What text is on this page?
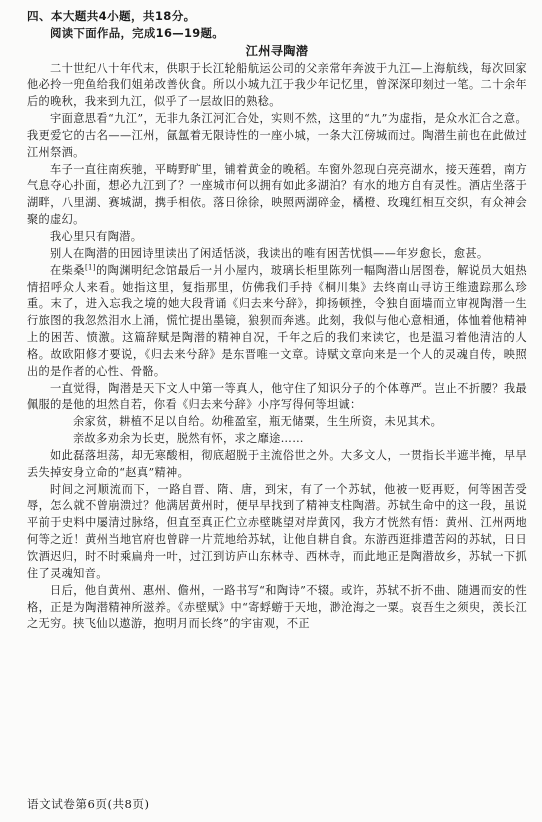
四、本大题共4小题，共18分。

阅读下面作品，完成16—19题。

江州寻陶潜

二十世纪八十年代末，供职于长江轮船航运公司的父亲常年奔波于九江—上海航线，每次回家他必拎一兜鱼给我们姐弟改善伙食。所以小城九江于我少年记忆里，曾深深印刻过一笔。二十余年后的晚秋，我来到九江，似乎了一层故旧的熟稔。

宇面意思看“九江”，无非九条江河汇合处，实则不然，这里的“九”为虚指，是众水汇合之意。我更爱它的古名——江州，氤氲着无限诗性的一座小城，一条大江傍城而过。陶潜生前也在此做过江州祭酒。

车子一直往南疾驰，平畴野旷里，铺着黄金的晚稻。车窗外忽现白亮亮湖水，接天莲碧，南方气息夺心扑面，想必九江到了？一座城市何以拥有如此多湖泊？有水的地方自有灵性。酒店坐落于湖畔，八里湖、赛城湖，携手相依。落日徐徐，映照两湖碎金，橘橙、玫瑰红相互交织，有众神会聚的虚幻。

我心里只有陶潜。

别人在陶潜的田园诗里读出了闲适恬淡，我读出的唯有困苦忧惧——年岁愈长，愈甚。

在柴桑[1]的陶渊明纪念馆最后一爿小屋内，玻璃长柜里陈列一幅陶潜山居图卷，解说员大姐热情招呼众人来看。她指这里，复指那里，仿佛我们手持《桐川集》去终南山寻访王维遗踪那么珍重。末了，进入忘我之境的她大段背诵《归去来兮辞》，抑扬顿挫，令独自面墙而立审视陶潜一生行旅图的我忽然泪水上涌，慌忙提出墨镜，狼狈而奔逃。此刻，我似与他心意相通，体恤着他精神上的困苦、愤激。这篇辞赋是陶潜的精神自况，千年之后的我们来读它，也是温习着他清洁的人格。故欧阳修才要说，《归去来兮辞》是东晋唯一文章。诗赋文章向来是一个人的灵魂自传，映照出的是作者的心性、骨骼。

一直觉得，陶潜是天下文人中第一等真人，他守住了知识分子的个体尊严。岂止不折腰？我最佩服的是他的坦然自若，你看《归去来兮辞》小序写得何等坦诚：

余家贫，耕植不足以自给。幼稚盈室，瓶无储粟，生生所资，未见其术。

亲故多劝余为长吏，脱然有怀，求之靡途……

如此磊落坦荡，却无寒酸相，彻底超脱于主流俗世之外。大多文人，一贯指长半遮半掩，早早丢失掉安身立命的“赵真”精神。

时间之河顺流而下，一路自晋、隋、唐，到宋，有了一个苏轼，他被一贬再贬，何等困苦受辱，怎么就不曾崩溃过？他满居黄州时，便早早找到了精神支柱陶潜。苏轼生命中的这一段，虽说平前于史料中屡清过脉络，但直至真正伫立赤壁眺望对岸黄冈，我方才恍然有悟：黄州、江州两地何等之近！黄州当地官府也曾辟一片荒地给苏轼，让他自耕自食。东游西逛排遣苦闷的苏轼，日日饮酒迟归，时不时乘扁舟一叶，过江到访庐山东林寺、西林寺，而此地正是陶潜故乡，苏轼一下抓住了灵魂知音。

日后，他自黄州、惠州、儋州，一路书写“和陶诗”不辍。或许，苏轼不折不曲、随遇而安的性格，正是为陶潜精神所滋养。《赤壁赋》中“寄蜉蝣于天地，渺沧海之一粟。哀吾生之须臾，羡长江之无穷。挟飞仙以遨游，抱明月而长终”的宇宙观，不正

语文试卷第6页(共8页)
